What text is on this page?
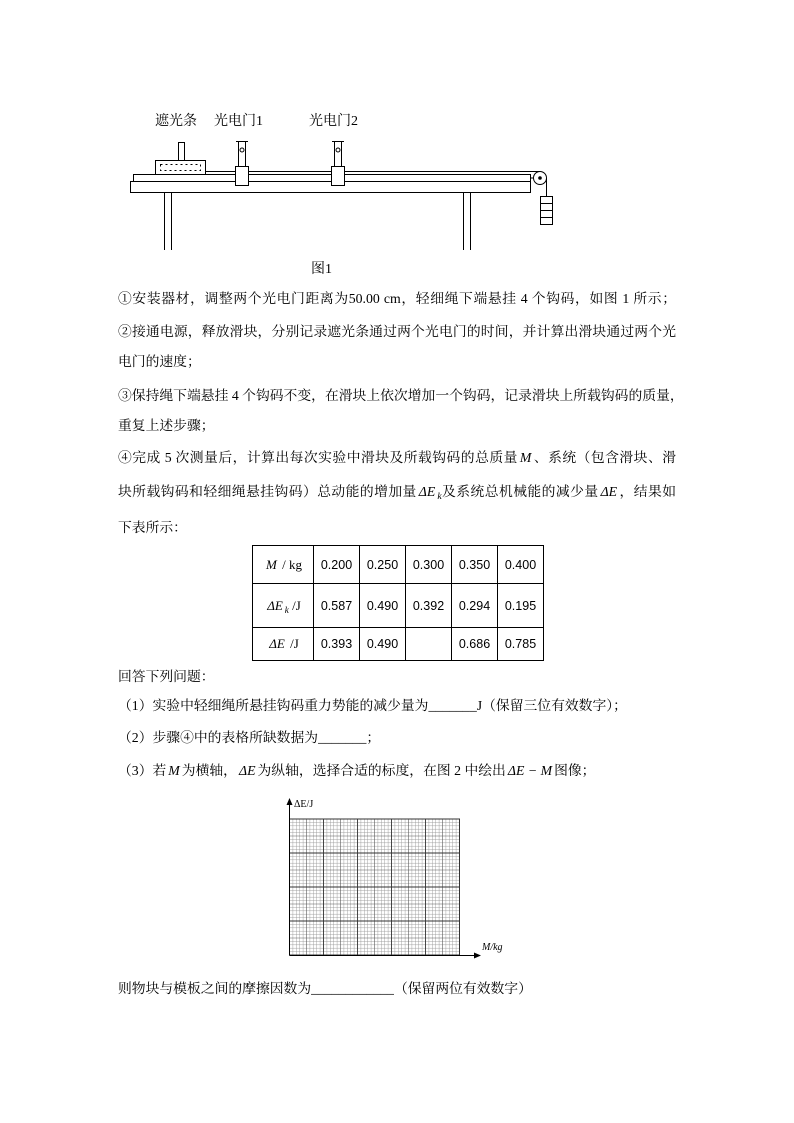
遮光条 光电门1	光电门2
图1
①安装器材，调整两个光电门距离为50.00 cm，轻细绳下端悬挂 4 个钩码，如图 1 所示；
②接通电源，释放滑块，分别记录遮光条通过两个光电门的时间，并计算出滑块通过两个光
电门的速度；
③保持绳下端悬挂 4 个钩码不变，在滑块上依次增加一个钩码，记录滑块上所载钩码的质量，
重复上述步骤；
④完成 5 次测量后，计算出每次实验中滑块及所载钩码的总质量 M 、系统（包含滑块、滑
块所载钩码和轻细绳悬挂钩码）总动能的增加量 ΔE $_k$及系统总机械能的减少量 ΔE ，结果如
下表所示：
M / kg	0.200	0.250	0.300	0.350	0.400
ΔE $_k$ /J	0.587	0.490	0.392	0.294	0.195
ΔE /J	0.393	0.490		0.686	0.785
回答下列问题：
（1）实验中轻细绳所悬挂钩码重力势能的减少量为_______J（保留三位有效数字）；
（2）步骤④中的表格所缺数据为_______；
（3）若 M 为横轴， ΔE 为纵轴，选择合适的标度，在图 2 中绘出 ΔE − M 图像；
ΔE/J
M/kg
则物块与模板之间的摩擦因数为____________（保留两位有效数字）
